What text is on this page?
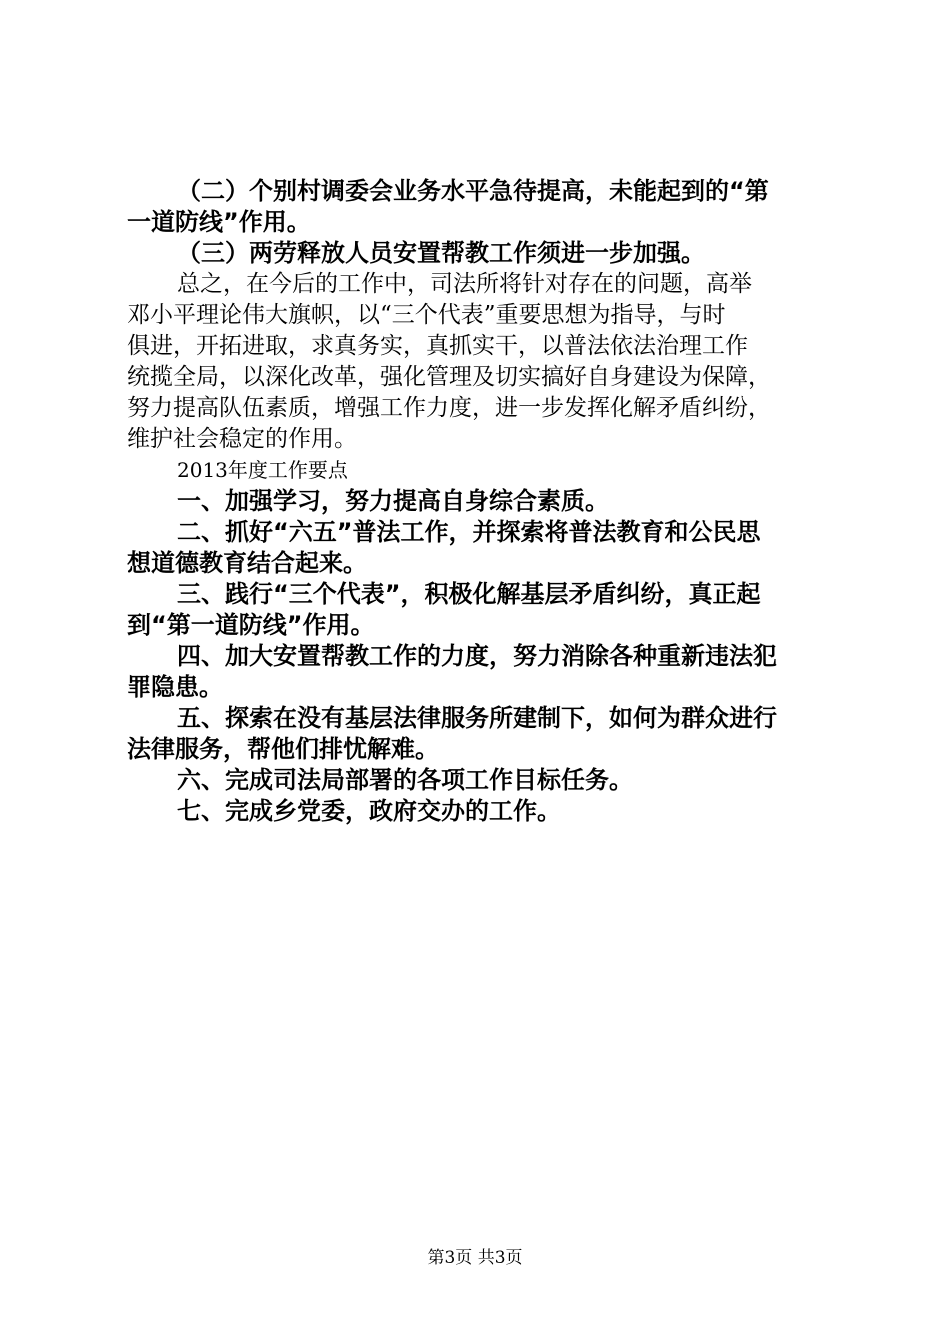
（二）个别村调委会业务水平急待提高，未能起到的“第
一道防线”作用。
（三）两劳释放人员安置帮教工作须进一步加强。
总之，在今后的工作中，司法所将针对存在的问题，高举
邓小平理论伟大旗帜，以“三个代表”重要思想为指导，与时
俱进，开拓进取，求真务实，真抓实干，以普法依法治理工作
统揽全局，以深化改革，强化管理及切实搞好自身建设为保障，
努力提高队伍素质，增强工作力度，进一步发挥化解矛盾纠纷，
维护社会稳定的作用。
2013年度工作要点
一、加强学习，努力提高自身综合素质。
二、抓好“六五”普法工作，并探索将普法教育和公民思
想道德教育结合起来。
三、践行“三个代表”，积极化解基层矛盾纠纷，真正起
到“第一道防线”作用。
四、加大安置帮教工作的力度，努力消除各种重新违法犯
罪隐患。
五、探索在没有基层法律服务所建制下，如何为群众进行
法律服务，帮他们排忧解难。
六、完成司法局部署的各项工作目标任务。
七、完成乡党委，政府交办的工作。
第3页 共3页
